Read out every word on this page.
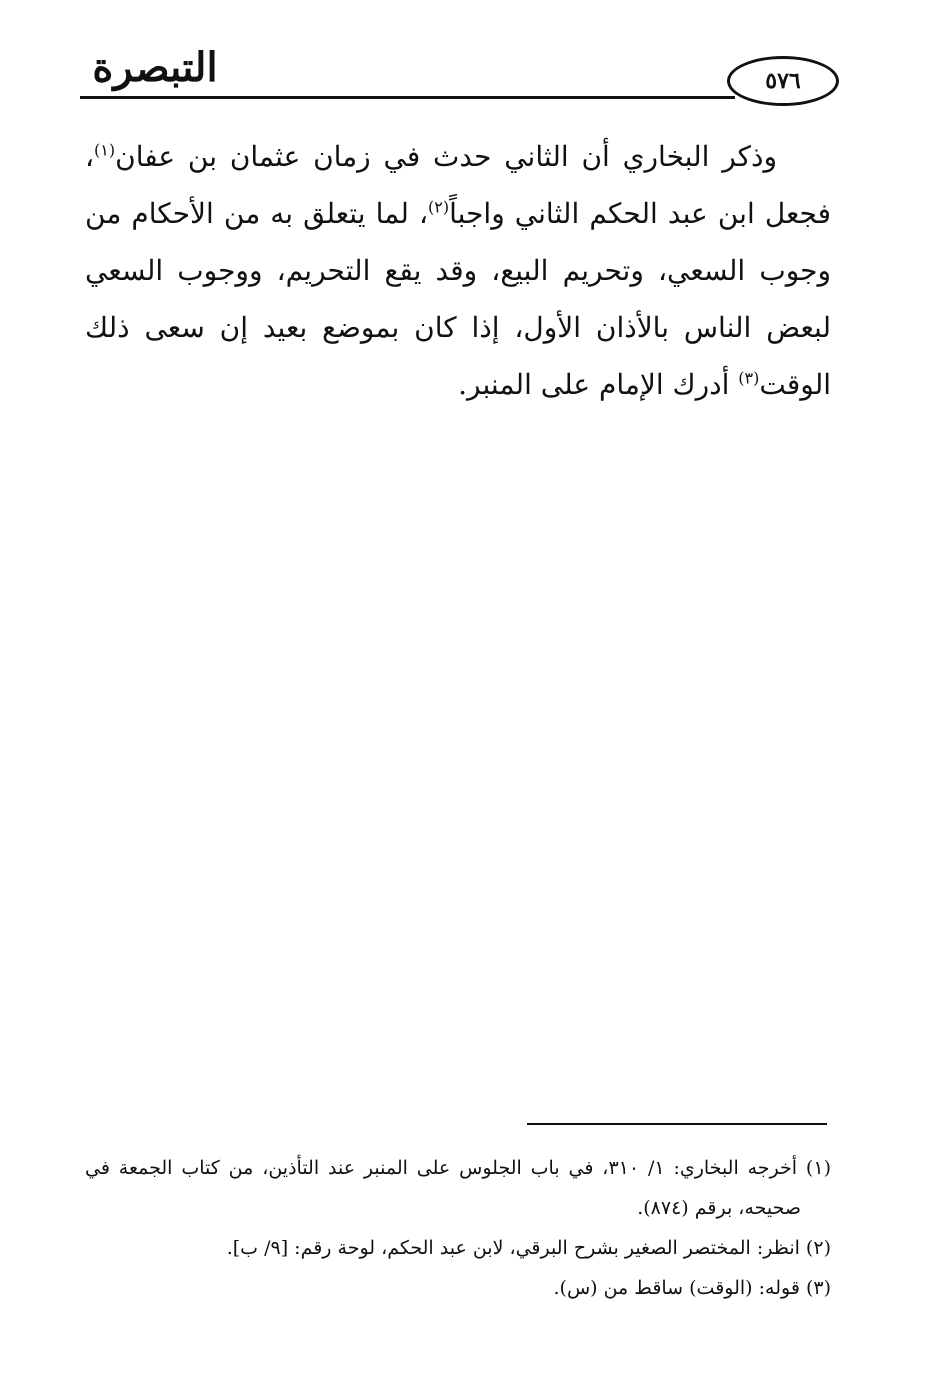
التبصرة	٥٧٦

وذكر البخاري أن الثاني حدث في زمان عثمان بن عفان$^{(١)}$، فجعل ابن عبد الحكم الثاني واجباً$^{(٢)}$، لما يتعلق به من الأحكام من وجوب السعي، وتحريم البيع، وقد يقع التحريم، ووجوب السعي لبعض الناس بالأذان الأول، إذا كان بموضع بعيد إن سعى ذلك الوقت$^{(٣)}$ أدرك الإمام على المنبر.

(١) أخرجه البخاري: ١/ ٣١٠، في باب الجلوس على المنبر عند التأذين، من كتاب الجمعة في صحيحه، برقم (٨٧٤).

(٢) انظر: المختصر الصغير بشرح البرقي، لابن عبد الحكم، لوحة رقم: [٩/ ب].

(٣) قوله: (الوقت) ساقط من (س).
